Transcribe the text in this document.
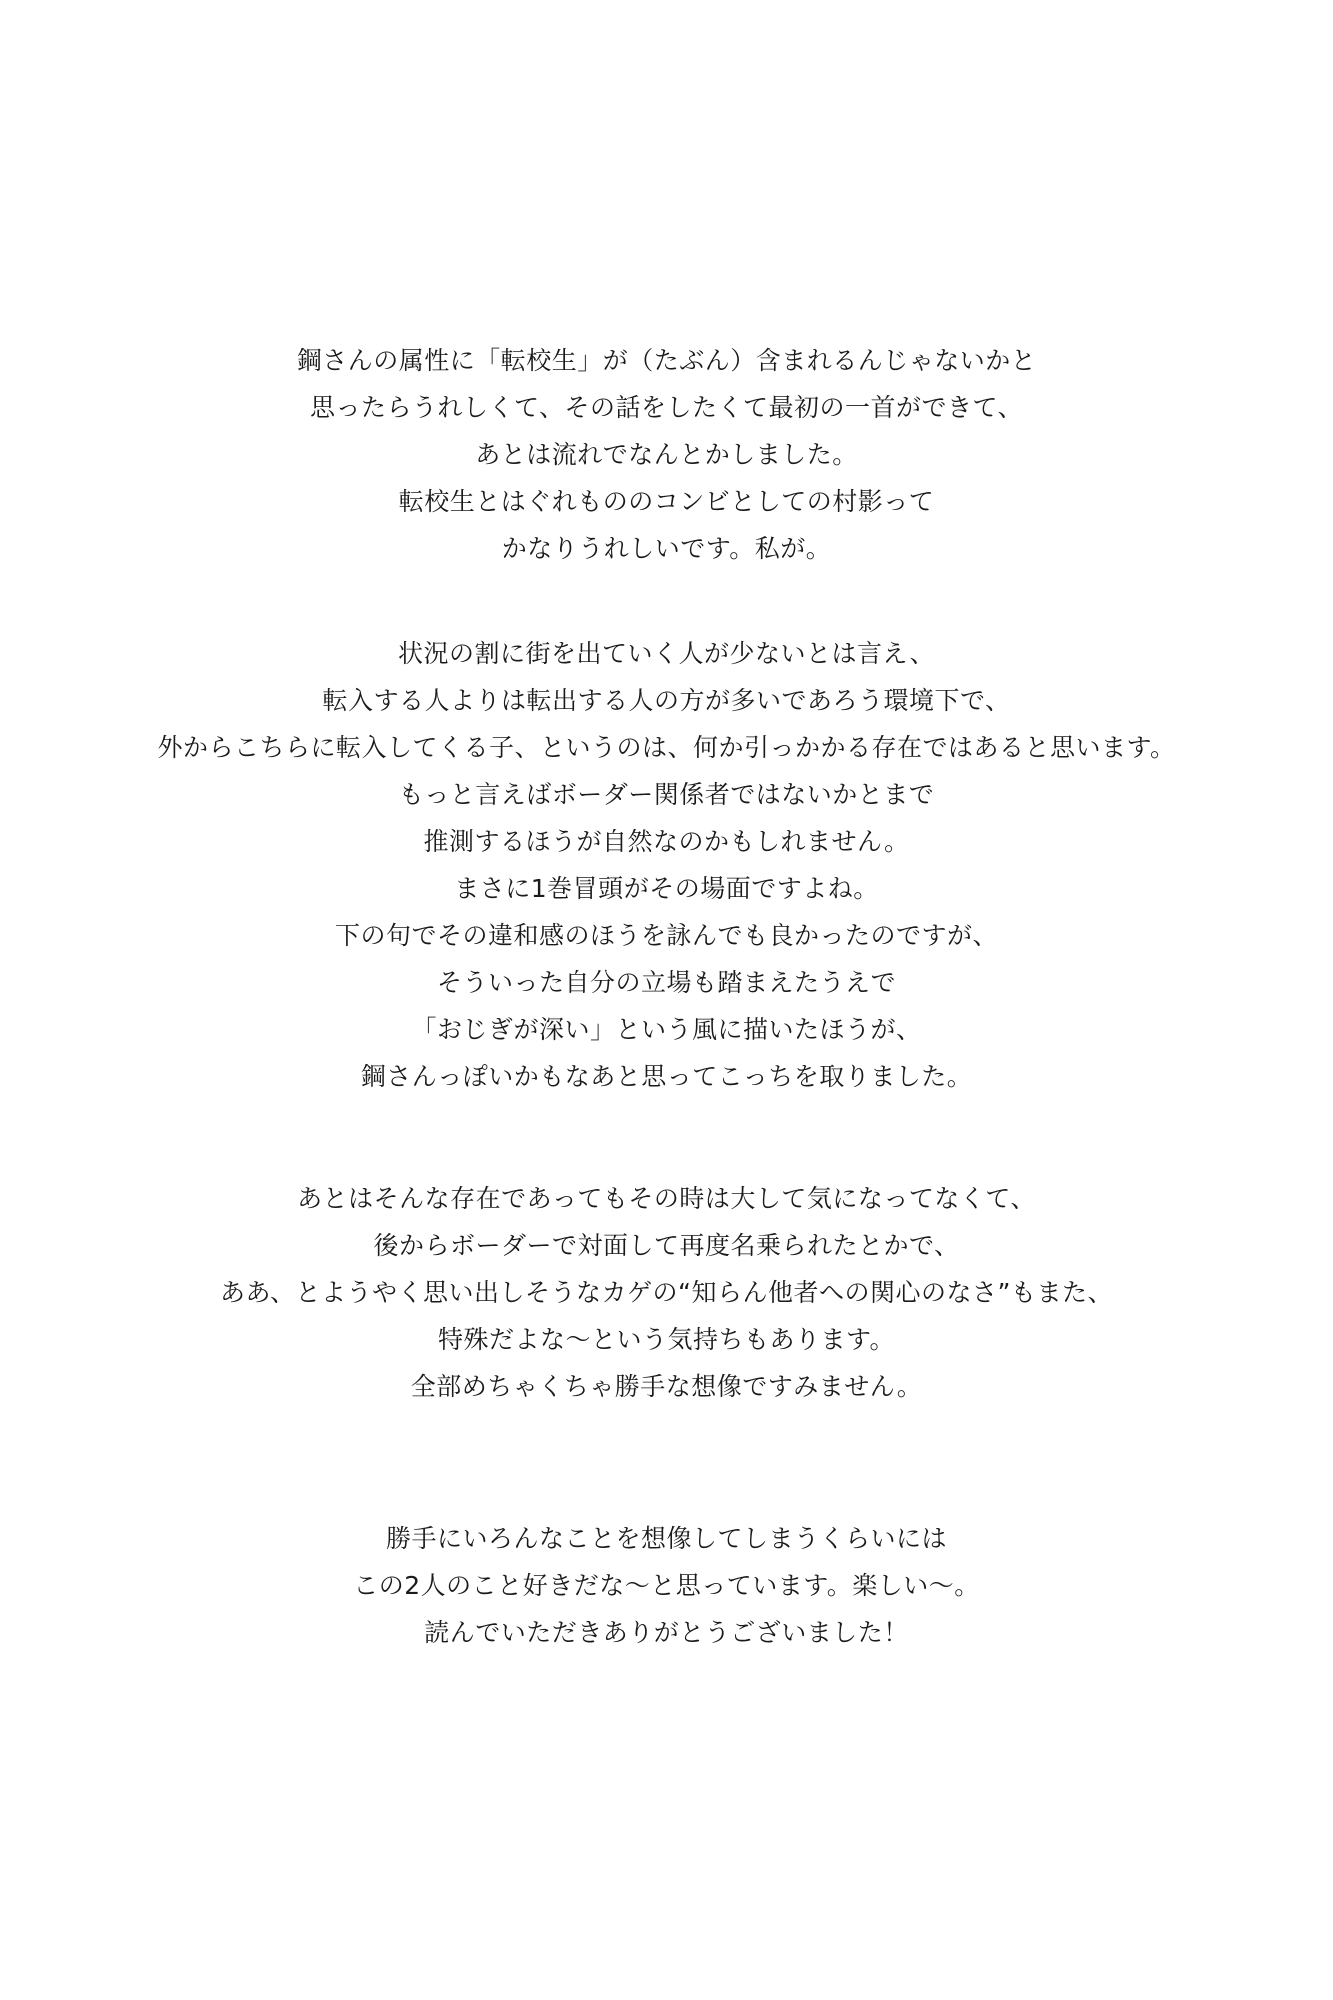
鋼さんの属性に「転校生」が（たぶん）含まれるんじゃないかと
思ったらうれしくて、その話をしたくて最初の一首ができて、
あとは流れでなんとかしました。
転校生とはぐれもののコンビとしての村影って
かなりうれしいです。私が。
状況の割に街を出ていく人が少ないとは言え、
転入する人よりは転出する人の方が多いであろう環境下で、
外からこちらに転入してくる子、というのは、何か引っかかる存在ではあると思います。
もっと言えばボーダー関係者ではないかとまで
推測するほうが自然なのかもしれません。
まさに1巻冒頭がその場面ですよね。
下の句でその違和感のほうを詠んでも良かったのですが、
そういった自分の立場も踏まえたうえで
「おじぎが深い」という風に描いたほうが、
鋼さんっぽいかもなあと思ってこっちを取りました。
あとはそんな存在であってもその時は大して気になってなくて、
後からボーダーで対面して再度名乗られたとかで、
ああ、とようやく思い出しそうなカゲの“知らん他者への関心のなさ”もまた、
特殊だよな〜という気持ちもあります。
全部めちゃくちゃ勝手な想像ですみません。
勝手にいろんなことを想像してしまうくらいには
この2人のこと好きだな〜と思っています。楽しい〜。
読んでいただきありがとうございました！
